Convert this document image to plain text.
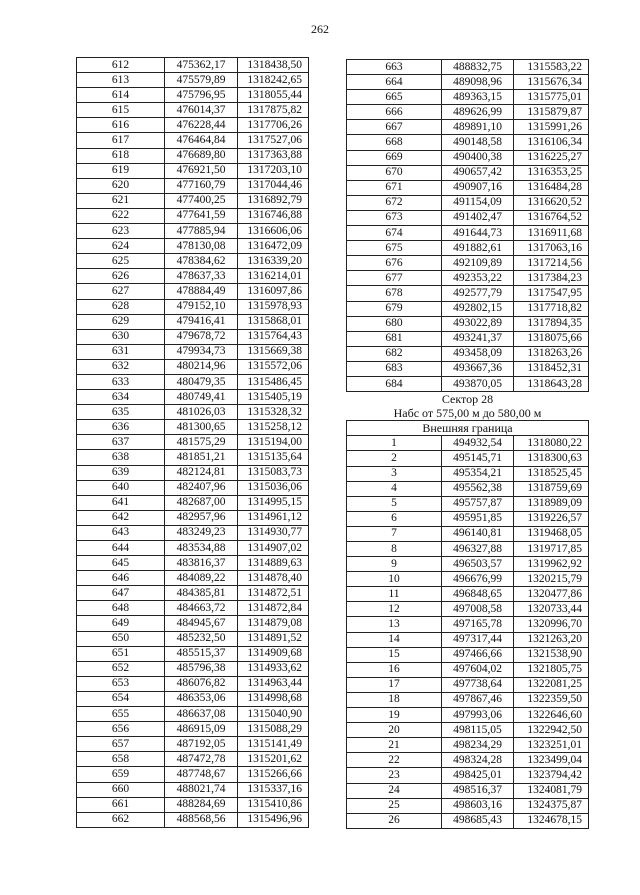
262
612	475362,17	1318438,50
613	475579,89	1318242,65
614	475796,95	1318055,44
615	476014,37	1317875,82
616	476228,44	1317706,26
617	476464,84	1317527,06
618	476689,80	1317363,88
619	476921,50	1317203,10
620	477160,79	1317044,46
621	477400,25	1316892,79
622	477641,59	1316746,88
623	477885,94	1316606,06
624	478130,08	1316472,09
625	478384,62	1316339,20
626	478637,33	1316214,01
627	478884,49	1316097,86
628	479152,10	1315978,93
629	479416,41	1315868,01
630	479678,72	1315764,43
631	479934,73	1315669,38
632	480214,96	1315572,06
633	480479,35	1315486,45
634	480749,41	1315405,19
635	481026,03	1315328,32
636	481300,65	1315258,12
637	481575,29	1315194,00
638	481851,21	1315135,64
639	482124,81	1315083,73
640	482407,96	1315036,06
641	482687,00	1314995,15
642	482957,96	1314961,12
643	483249,23	1314930,77
644	483534,88	1314907,02
645	483816,37	1314889,63
646	484089,22	1314878,40
647	484385,81	1314872,51
648	484663,72	1314872,84
649	484945,67	1314879,08
650	485232,50	1314891,52
651	485515,37	1314909,68
652	485796,38	1314933,62
653	486076,82	1314963,44
654	486353,06	1314998,68
655	486637,08	1315040,90
656	486915,09	1315088,29
657	487192,05	1315141,49
658	487472,78	1315201,62
659	487748,67	1315266,66
660	488021,74	1315337,16
661	488284,69	1315410,86
662	488568,56	1315496,96
663	488832,75	1315583,22
664	489098,96	1315676,34
665	489363,15	1315775,01
666	489626,99	1315879,87
667	489891,10	1315991,26
668	490148,58	1316106,34
669	490400,38	1316225,27
670	490657,42	1316353,25
671	490907,16	1316484,28
672	491154,09	1316620,52
673	491402,47	1316764,52
674	491644,73	1316911,68
675	491882,61	1317063,16
676	492109,89	1317214,56
677	492353,22	1317384,23
678	492577,79	1317547,95
679	492802,15	1317718,82
680	493022,89	1317894,35
681	493241,37	1318075,66
682	493458,09	1318263,26
683	493667,36	1318452,31
684	493870,05	1318643,28
Сектор 28		
Набс от 575,00 м до 580,00 м		
Внешняя граница		
1	494932,54	1318080,22
2	495145,71	1318300,63
3	495354,21	1318525,45
4	495562,38	1318759,69
5	495757,87	1318989,09
6	495951,85	1319226,57
7	496140,81	1319468,05
8	496327,88	1319717,85
9	496503,57	1319962,92
10	496676,99	1320215,79
11	496848,65	1320477,86
12	497008,58	1320733,44
13	497165,78	1320996,70
14	497317,44	1321263,20
15	497466,66	1321538,90
16	497604,02	1321805,75
17	497738,64	1322081,25
18	497867,46	1322359,50
19	497993,06	1322646,60
20	498115,05	1322942,50
21	498234,29	1323251,01
22	498324,28	1323499,04
23	498425,01	1323794,42
24	498516,37	1324081,79
25	498603,16	1324375,87
26	498685,43	1324678,15
